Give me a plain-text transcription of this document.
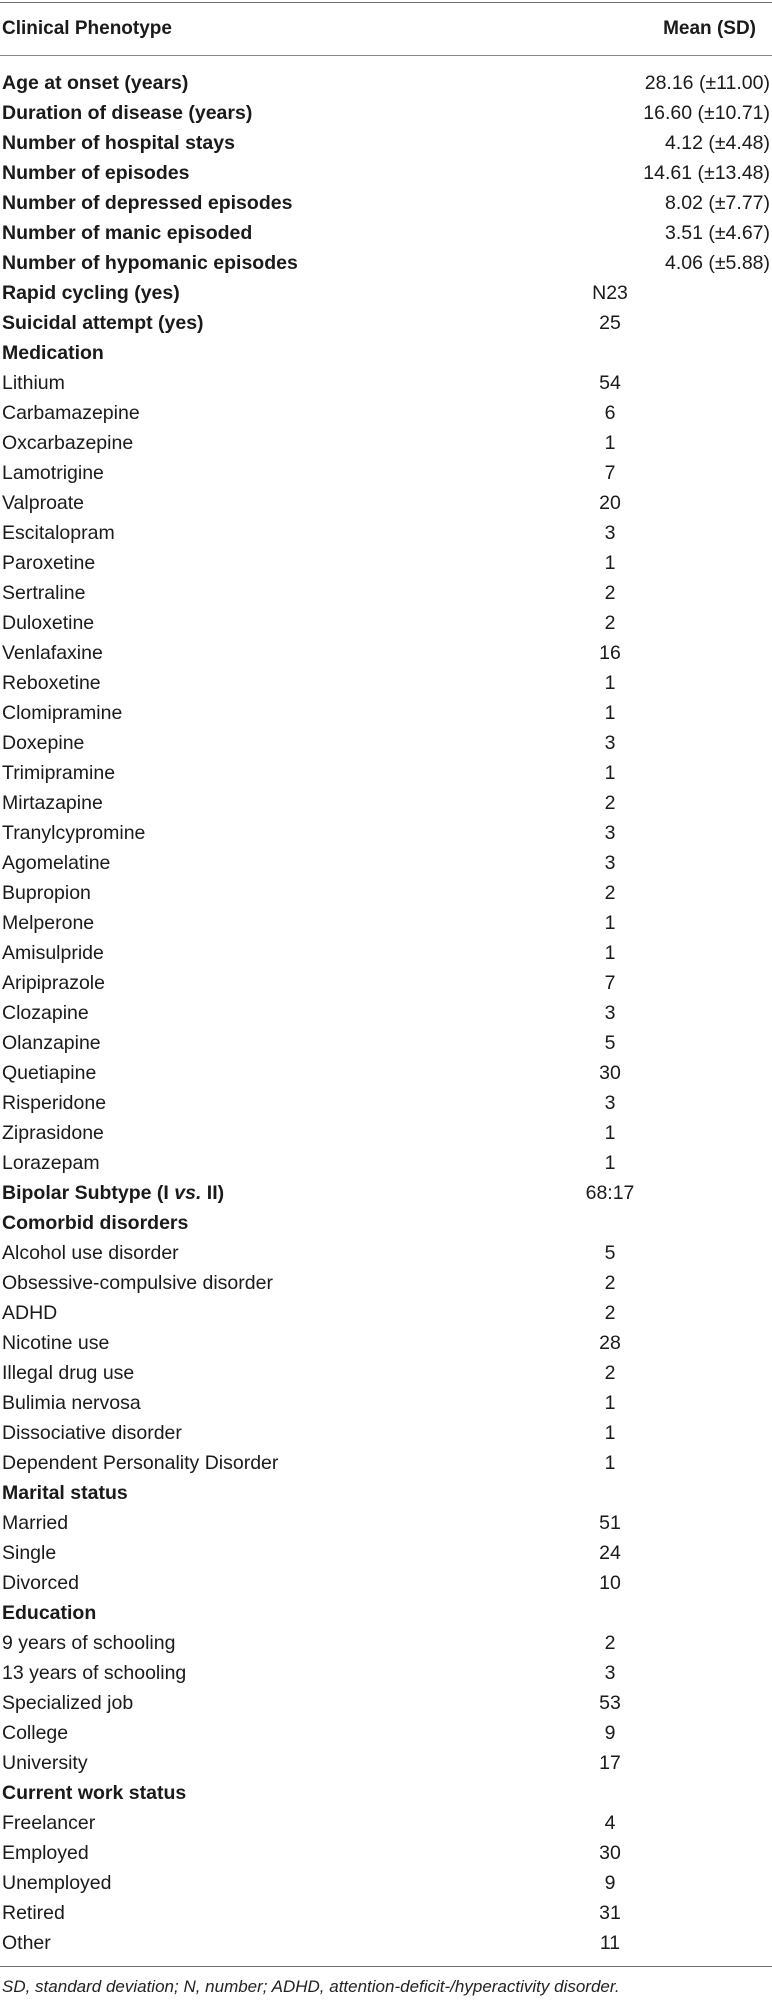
Clinical Phenotype	Mean (SD)
Age at onset (years)	28.16 (±11.00)
Duration of disease (years)	16.60 (±10.71)
Number of hospital stays	4.12 (±4.48)
Number of episodes	14.61 (±13.48)
Number of depressed episodes	8.02 (±7.77)
Number of manic episoded	3.51 (±4.67)
Number of hypomanic episodes	4.06 (±5.88)
Rapid cycling (yes)	N23
Suicidal attempt (yes)	25
Medication
Lithium	54
Carbamazepine	6
Oxcarbazepine	1
Lamotrigine	7
Valproate	20
Escitalopram	3
Paroxetine	1
Sertraline	2
Duloxetine	2
Venlafaxine	16
Reboxetine	1
Clomipramine	1
Doxepine	3
Trimipramine	1
Mirtazapine	2
Tranylcypromine	3
Agomelatine	3
Bupropion	2
Melperone	1
Amisulpride	1
Aripiprazole	7
Clozapine	3
Olanzapine	5
Quetiapine	30
Risperidone	3
Ziprasidone	1
Lorazepam	1
Bipolar Subtype (I vs. II)	68:17
Comorbid disorders
Alcohol use disorder	5
Obsessive-compulsive disorder	2
ADHD	2
Nicotine use	28
Illegal drug use	2
Bulimia nervosa	1
Dissociative disorder	1
Dependent Personality Disorder	1
Marital status
Married	51
Single	24
Divorced	10
Education
9 years of schooling	2
13 years of schooling	3
Specialized job	53
College	9
University	17
Current work status
Freelancer	4
Employed	30
Unemployed	9
Retired	31
Other	11
SD, standard deviation; N, number; ADHD, attention-deficit-/hyperactivity disorder.
